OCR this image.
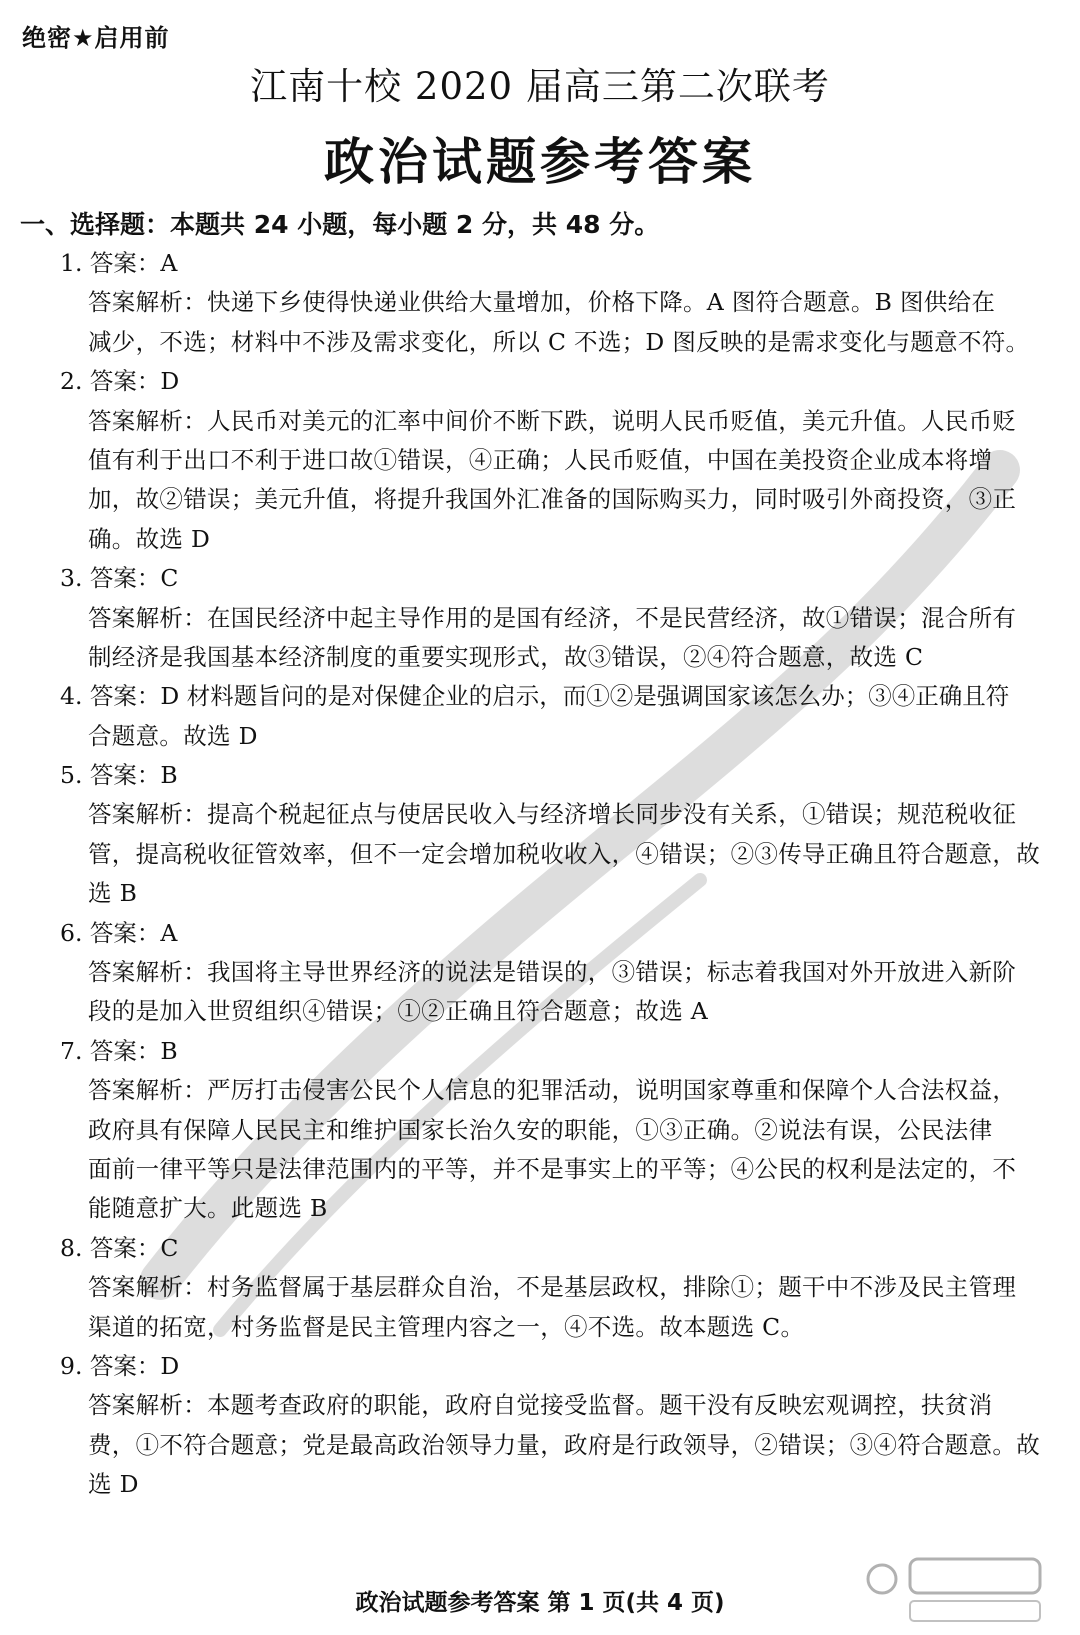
绝密★启用前
江南十校 2020 届高三第二次联考
政治试题参考答案
一、选择题：本题共 24 小题，每小题 2 分，共 48 分。
1. 答案：A
答案解析：快递下乡使得快递业供给大量增加，价格下降。A 图符合题意。B 图供给在
减少，不选；材料中不涉及需求变化，所以 C 不选；D 图反映的是需求变化与题意不符。
2. 答案：D
答案解析：人民币对美元的汇率中间价不断下跌，说明人民币贬值，美元升值。人民币贬
值有利于出口不利于进口故①错误，④正确；人民币贬值，中国在美投资企业成本将增
加，故②错误；美元升值，将提升我国外汇准备的国际购买力，同时吸引外商投资，③正
确。故选 D
3. 答案：C
答案解析：在国民经济中起主导作用的是国有经济，不是民营经济，故①错误；混合所有
制经济是我国基本经济制度的重要实现形式，故③错误，②④符合题意，故选 C
4. 答案：D 材料题旨问的是对保健企业的启示，而①②是强调国家该怎么办；③④正确且符
合题意。故选 D
5. 答案：B
答案解析：提高个税起征点与使居民收入与经济增长同步没有关系，①错误；规范税收征
管，提高税收征管效率，但不一定会增加税收收入，④错误；②③传导正确且符合题意，故
选 B
6. 答案：A
答案解析：我国将主导世界经济的说法是错误的，③错误；标志着我国对外开放进入新阶
段的是加入世贸组织④错误；①②正确且符合题意；故选 A
7. 答案：B
答案解析：严厉打击侵害公民个人信息的犯罪活动，说明国家尊重和保障个人合法权益，
政府具有保障人民民主和维护国家长治久安的职能，①③正确。②说法有误，公民法律
面前一律平等只是法律范围内的平等，并不是事实上的平等；④公民的权利是法定的，不
能随意扩大。此题选 B
8. 答案：C
答案解析：村务监督属于基层群众自治，不是基层政权，排除①；题干中不涉及民主管理
渠道的拓宽，村务监督是民主管理内容之一，④不选。故本题选 C。
9. 答案：D
答案解析：本题考查政府的职能，政府自觉接受监督。题干没有反映宏观调控，扶贫消
费，①不符合题意；党是最高政治领导力量，政府是行政领导，②错误；③④符合题意。故
选 D
政治试题参考答案 第 1 页(共 4 页)
